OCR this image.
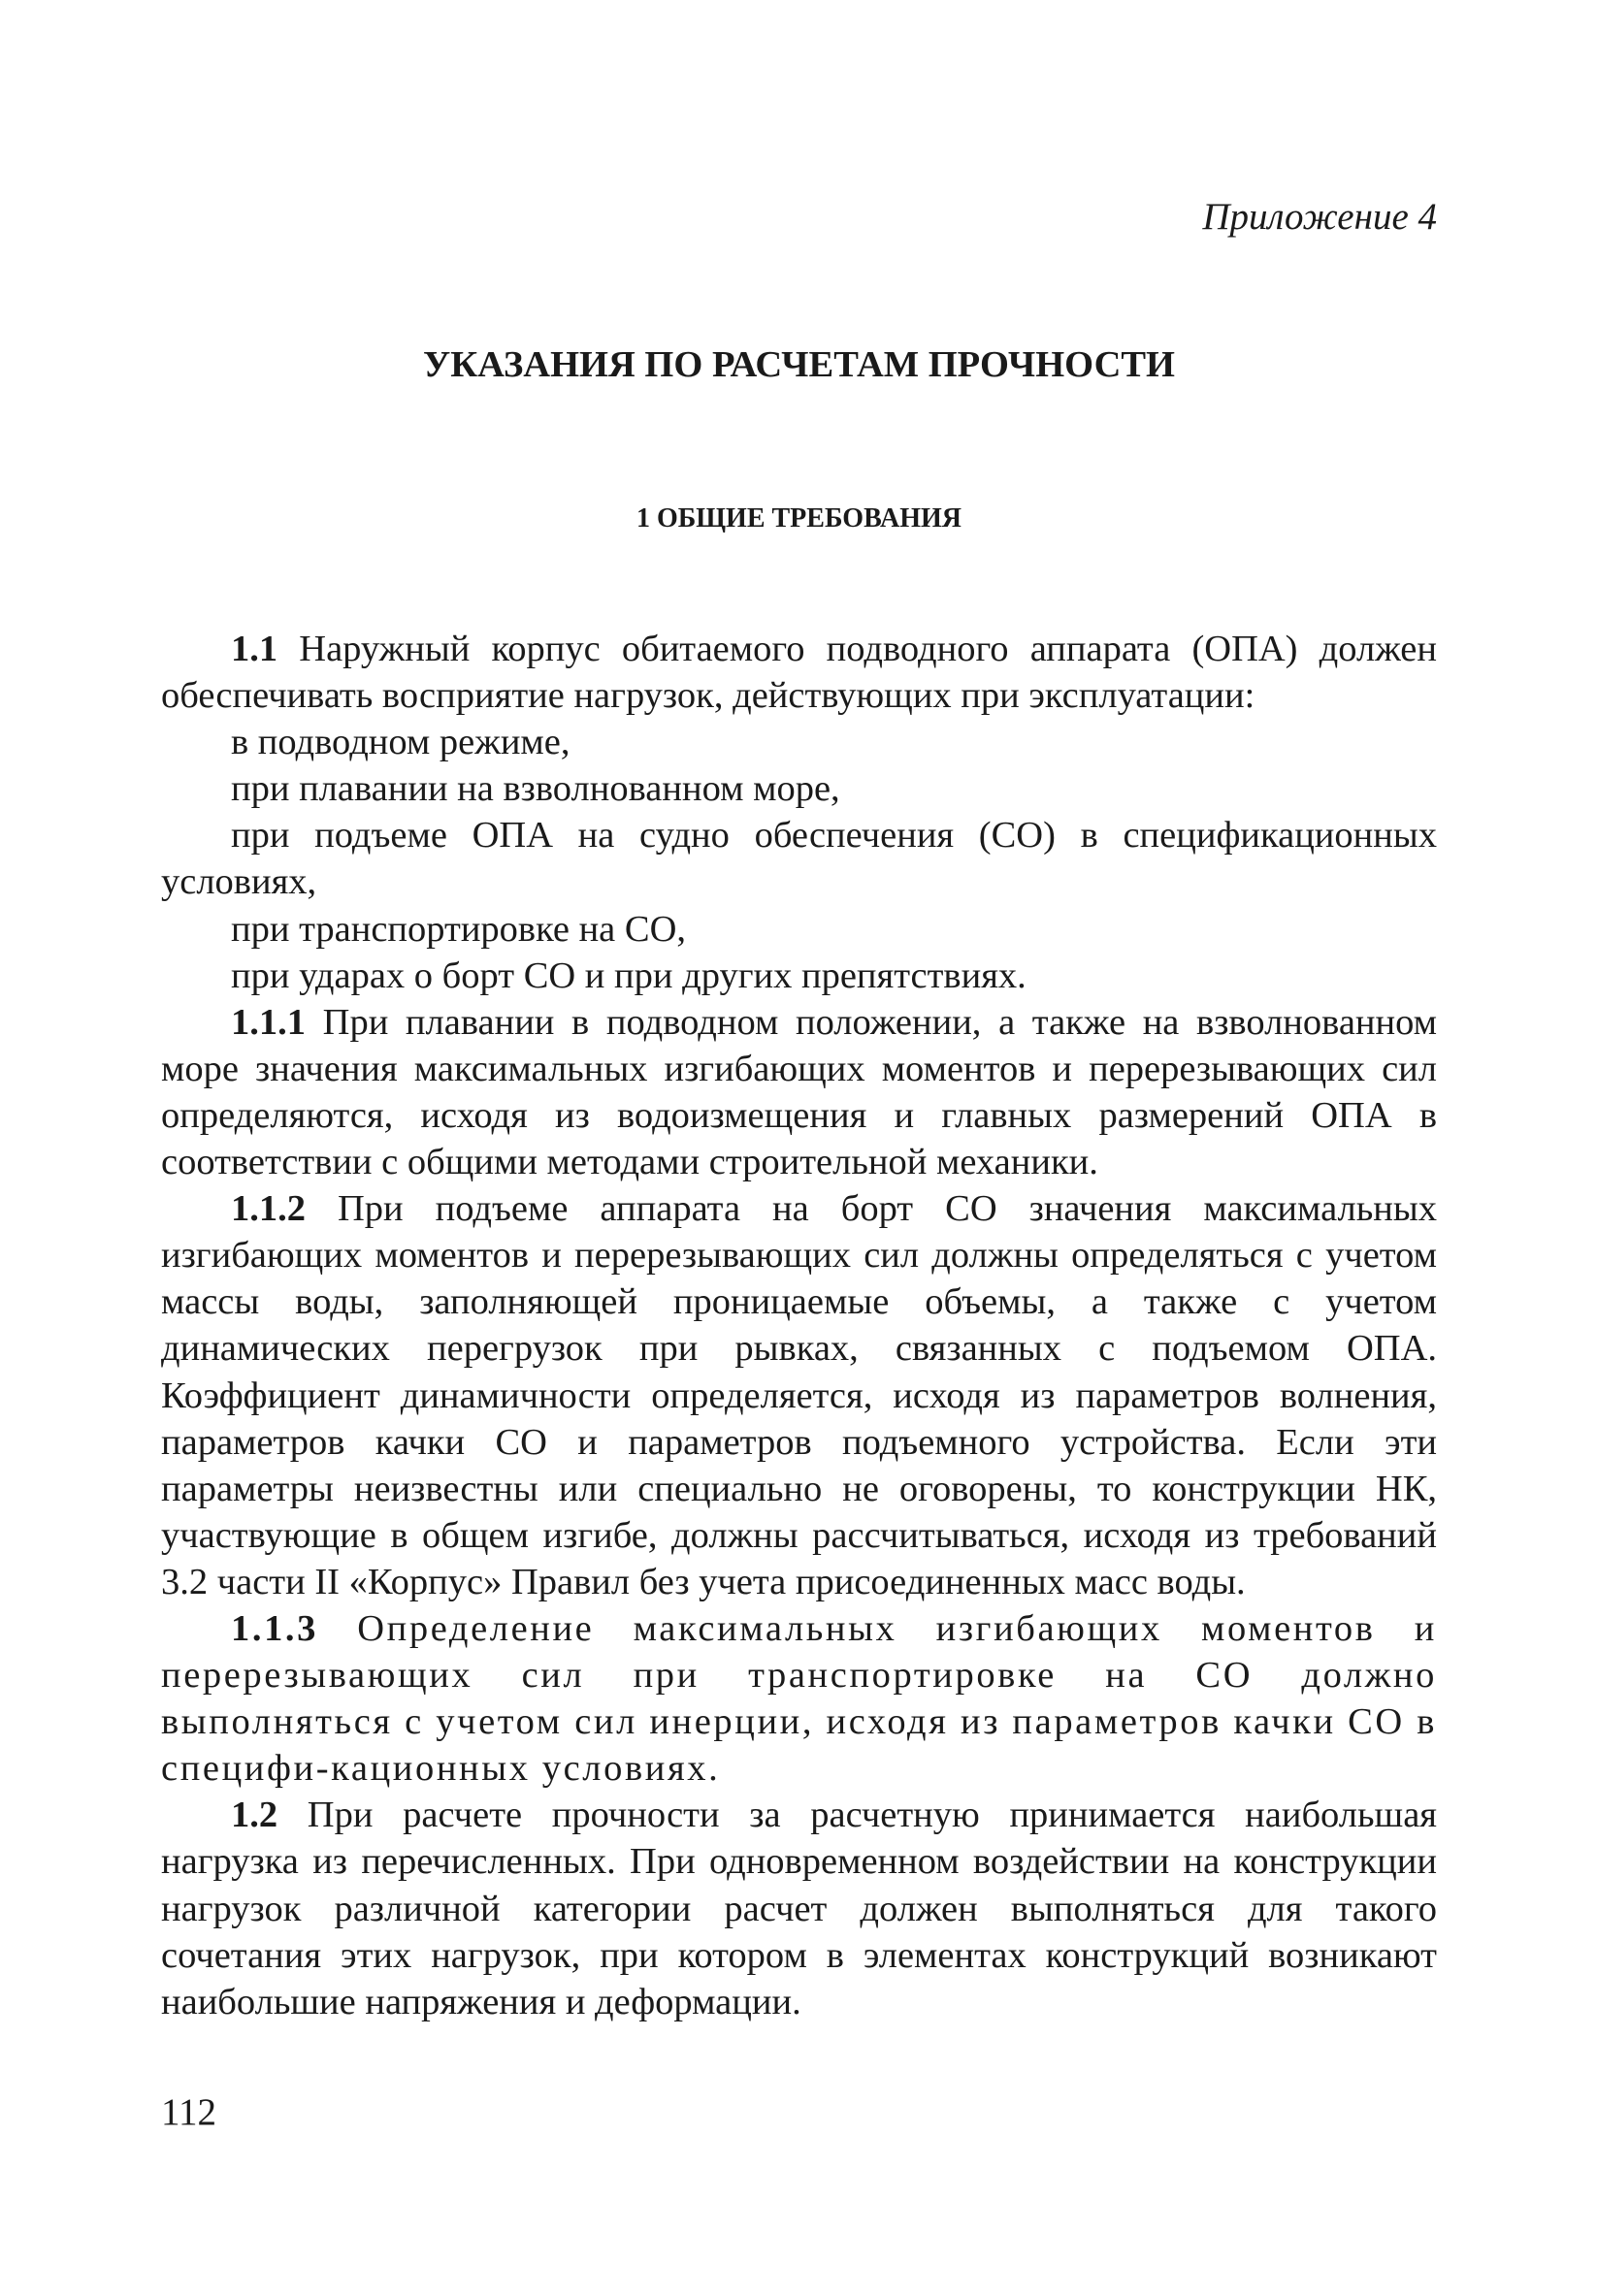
Приложение 4
УКАЗАНИЯ ПО РАСЧЕТАМ ПРОЧНОСТИ
1 ОБЩИЕ ТРЕБОВАНИЯ

1.1 Наружный корпус обитаемого подводного аппарата (ОПА) должен обеспечивать восприятие нагрузок, действующих при эксплуатации:

в подводном режиме,

при плавании на взволнованном море,

при подъеме ОПА на судно обеспечения (СО) в спецификационных условиях,

при транспортировке на СО,

при ударах о борт СО и при других препятствиях.

1.1.1 При плавании в подводном положении, а также на взволнованном море значения максимальных изгибающих моментов и перерезывающих сил определяются, исходя из водоизмещения и главных размерений ОПА в соответствии с общими методами строительной механики.

1.1.2 При подъеме аппарата на борт СО значения максимальных изгибающих моментов и перерезывающих сил должны определяться с учетом массы воды, заполняющей проницаемые объемы, а также с учетом динамических перегрузок при рывках, связанных с подъемом ОПА. Коэффициент динамичности определяется, исходя из параметров волнения, параметров качки СО и параметров подъемного устройства. Если эти параметры неизвестны или специально не оговорены, то конструкции НК, участвующие в общем изгибе, должны рассчитываться, исходя из требований 3.2 части II «Корпус» Правил без учета присоединенных масс воды.

1.1.3 Определение максимальных изгибающих моментов и перерезывающих сил при транспортировке на СО должно выполняться с учетом сил инерции, исходя из параметров качки СО в специфи-кационных условиях.

1.2 При расчете прочности за расчетную принимается наибольшая нагрузка из перечисленных. При одновременном воздействии на конструкции нагрузок различной категории расчет должен выполняться для такого сочетания этих нагрузок, при котором в элементах конструкций возникают наибольшие напряжения и деформации.

112
